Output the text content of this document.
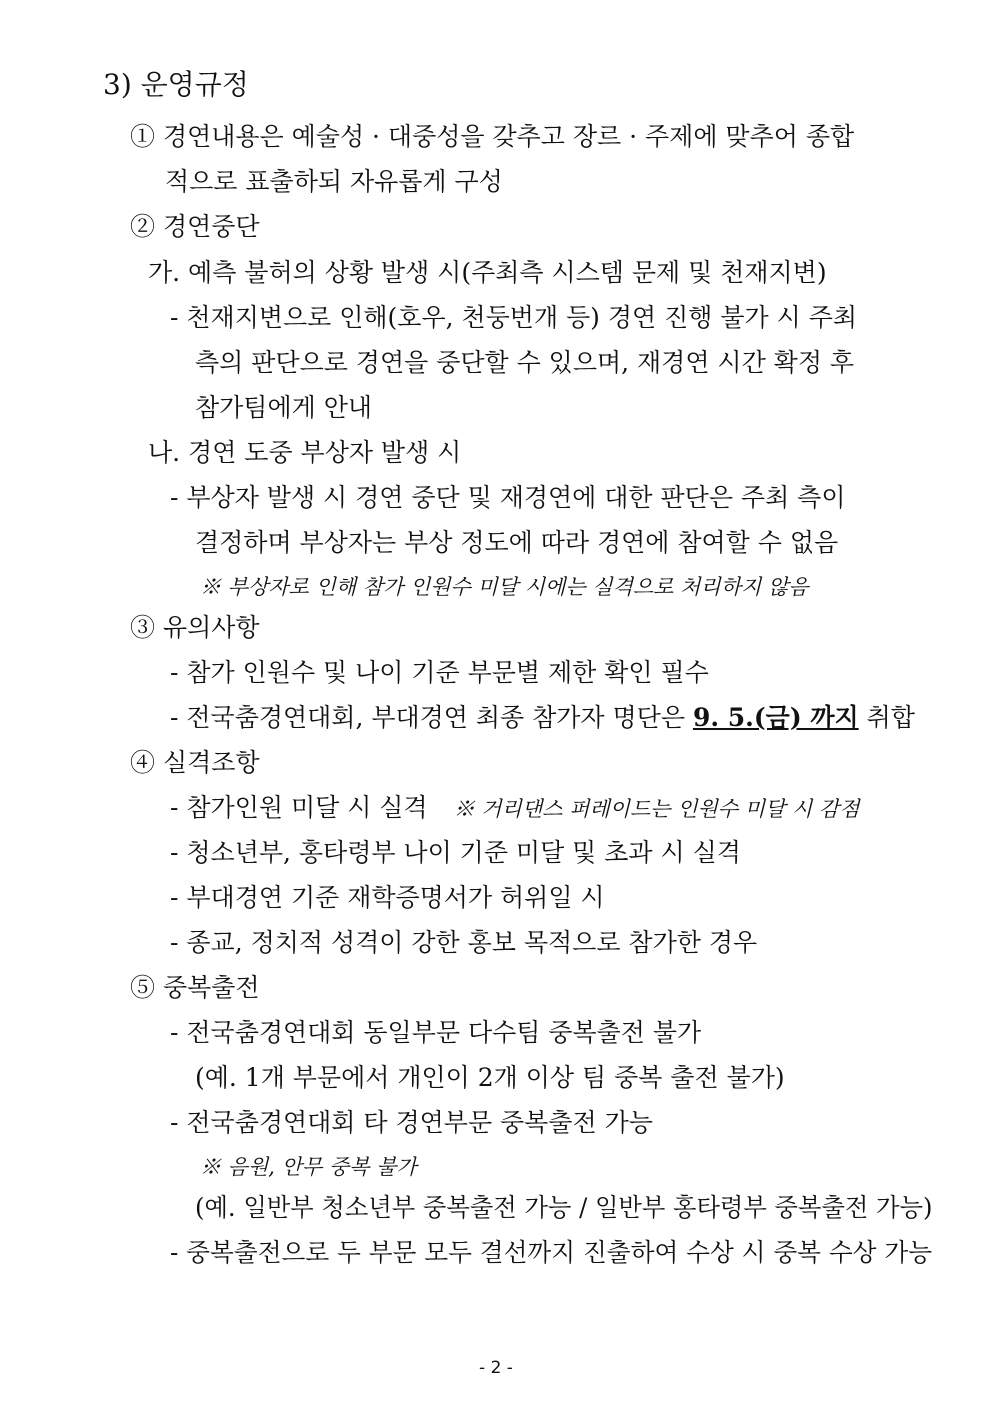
3) 운영규정
① 경연내용은 예술성 · 대중성을 갖추고 장르 · 주제에 맞추어 종합
적으로 표출하되 자유롭게 구성
② 경연중단
가. 예측 불허의 상황 발생 시(주최측 시스템 문제 및 천재지변)
- 천재지변으로 인해(호우, 천둥번개 등) 경연 진행 불가 시 주최
측의 판단으로 경연을 중단할 수 있으며, 재경연 시간 확정 후
참가팀에게 안내
나. 경연 도중 부상자 발생 시
- 부상자 발생 시 경연 중단 및 재경연에 대한 판단은 주최 측이
결정하며 부상자는 부상 정도에 따라 경연에 참여할 수 없음
※ 부상자로 인해 참가 인원수 미달 시에는 실격으로 처리하지 않음
③ 유의사항
- 참가 인원수 및 나이 기준 부문별 제한 확인 필수
- 전국춤경연대회, 부대경연 최종 참가자 명단은 9. 5.(금) 까지 취합
④ 실격조항
- 참가인원 미달 시 실격 ※ 거리댄스 퍼레이드는 인원수 미달 시 감점
- 청소년부, 홍타령부 나이 기준 미달 및 초과 시 실격
- 부대경연 기준 재학증명서가 허위일 시
- 종교, 정치적 성격이 강한 홍보 목적으로 참가한 경우
⑤ 중복출전
- 전국춤경연대회 동일부문 다수팀 중복출전 불가
(예. 1개 부문에서 개인이 2개 이상 팀 중복 출전 불가)
- 전국춤경연대회 타 경연부문 중복출전 가능
※ 음원, 안무 중복 불가
(예. 일반부 청소년부 중복출전 가능 / 일반부 홍타령부 중복출전 가능)
- 중복출전으로 두 부문 모두 결선까지 진출하여 수상 시 중복 수상 가능
- 2 -
